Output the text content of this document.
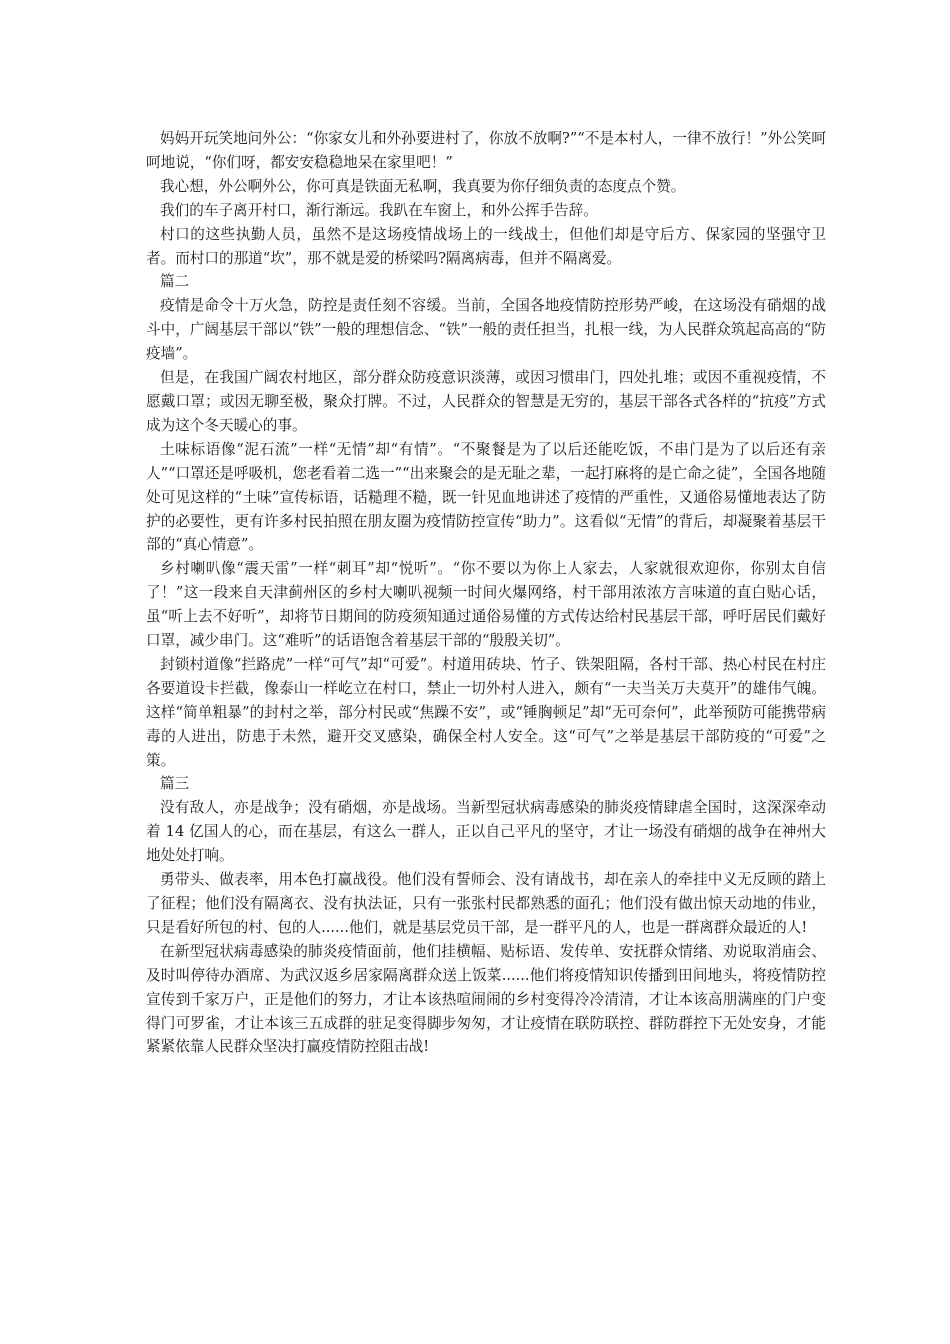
妈妈开玩笑地问外公：“你家女儿和外孙要进村了，你放不放啊?”“不是本村人，一律不放行！”外公笑呵呵地说，“你们呀，都安安稳稳地呆在家里吧！”

我心想，外公啊外公，你可真是铁面无私啊，我真要为你仔细负责的态度点个赞。

我们的车子离开村口，渐行渐远。我趴在车窗上，和外公挥手告辞。

村口的这些执勤人员，虽然不是这场疫情战场上的一线战士，但他们却是守后方、保家园的坚强守卫者。而村口的那道“坎”，那不就是爱的桥梁吗?隔离病毒，但并不隔离爱。

篇二

疫情是命令十万火急，防控是责任刻不容缓。当前，全国各地疫情防控形势严峻，在这场没有硝烟的战斗中，广阔基层干部以“铁”一般的理想信念、“铁”一般的责任担当，扎根一线，为人民群众筑起高高的“防疫墙”。

但是，在我国广阔农村地区，部分群众防疫意识淡薄，或因习惯串门，四处扎堆；或因不重视疫情，不愿戴口罩；或因无聊至极，聚众打牌。不过，人民群众的智慧是无穷的，基层干部各式各样的“抗疫”方式成为这个冬天暖心的事。

土味标语像“泥石流”一样“无情”却“有情”。“不聚餐是为了以后还能吃饭，不串门是为了以后还有亲人”“口罩还是呼吸机，您老看着二选一”“出来聚会的是无耻之辈，一起打麻将的是亡命之徒”，全国各地随处可见这样的“土味”宣传标语，话糙理不糙，既一针见血地讲述了疫情的严重性，又通俗易懂地表达了防护的必要性，更有许多村民拍照在朋友圈为疫情防控宣传“助力”。这看似“无情”的背后，却凝聚着基层干部的“真心情意”。

乡村喇叭像“震天雷”一样“刺耳”却“悦听”。“你不要以为你上人家去，人家就很欢迎你，你别太自信了！”这一段来自天津蓟州区的乡村大喇叭视频一时间火爆网络，村干部用浓浓方言味道的直白贴心话，虽“听上去不好听”，却将节日期间的防疫须知通过通俗易懂的方式传达给村民基层干部，呼吁居民们戴好口罩，减少串门。这“难听”的话语饱含着基层干部的“殷殷关切”。

封锁村道像“拦路虎”一样“可气”却“可爱”。村道用砖块、竹子、铁架阻隔，各村干部、热心村民在村庄各要道设卡拦截，像泰山一样屹立在村口，禁止一切外村人进入，颇有“一夫当关万夫莫开”的雄伟气魄。这样“简单粗暴”的封村之举，部分村民或“焦躁不安”，或“锤胸顿足”却“无可奈何”，此举预防可能携带病毒的人进出，防患于未然，避开交叉感染，确保全村人安全。这“可气”之举是基层干部防疫的“可爱”之策。

篇三

没有敌人，亦是战争；没有硝烟，亦是战场。当新型冠状病毒感染的肺炎疫情肆虐全国时，这深深牵动着 14 亿国人的心，而在基层，有这么一群人，正以自己平凡的坚守，才让一场没有硝烟的战争在神州大地处处打响。

勇带头、做表率，用本色打赢战役。他们没有誓师会、没有请战书，却在亲人的牵挂中义无反顾的踏上了征程；他们没有隔离衣、没有执法证，只有一张张村民都熟悉的面孔；他们没有做出惊天动地的伟业，只是看好所包的村、包的人......他们，就是基层党员干部，是一群平凡的人，也是一群离群众最近的人!

在新型冠状病毒感染的肺炎疫情面前，他们挂横幅、贴标语、发传单、安抚群众情绪、劝说取消庙会、及时叫停待办酒席、为武汉返乡居家隔离群众送上饭菜......他们将疫情知识传播到田间地头，将疫情防控宣传到千家万户，正是他们的努力，才让本该热喧闹闹的乡村变得冷冷清清，才让本该高朋满座的门户变得门可罗雀，才让本该三五成群的驻足变得脚步匆匆，才让疫情在联防联控、群防群控下无处安身，才能紧紧依靠人民群众坚决打赢疫情防控阻击战!
